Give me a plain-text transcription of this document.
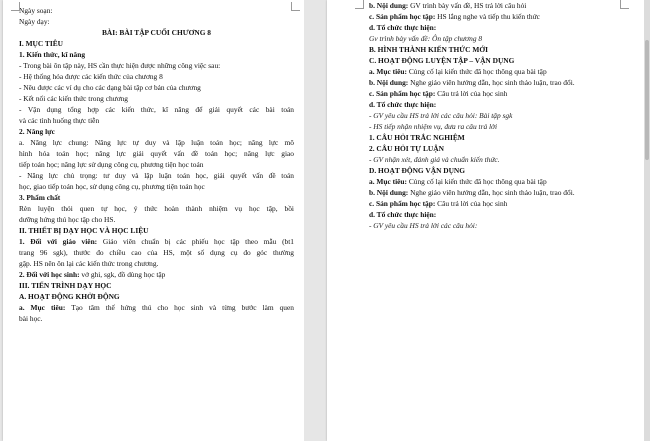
Ngày soạn:
Ngày dạy:
BÀI: BÀI TẬP CUỐI CHƯƠNG 8
I. MỤC TIÊU
1. Kiến thức, kĩ năng
- Trong bài ôn tập này, HS cần thực hiện được những công việc sau:
- Hệ thống hóa được các kiến thức của chương 8
- Nêu được các ví dụ cho các dạng bài tập cơ bản của chương
- Kết nối các kiến thức trong chương
- Vận dụng tổng hợp các kiến thức, kĩ năng để giải quyết các bài toán
và các tình huống thực tiễn
2. Năng lực
a. Năng lực chung: Năng lực tự duy và lập luận toán học; năng lực mô
hình hóa toán học; năng lực giải quyết vấn đề toán học; năng lực giao
tiếp toán học; năng lực sử dụng công cụ, phương tiện học toán
- Năng lực chủ trọng: tư duy và lập luận toán học, giải quyết vấn đề toán
học, giao tiếp toán học, sử dụng công cụ, phương tiện toán học
3. Phẩm chất
Rèn luyện thói quen tự học, ý thức hoàn thành nhiệm vụ học tập, bồi
dưỡng hứng thú học tập cho HS.
II. THIẾT BỊ DẠY HỌC VÀ HỌC LIỆU
1. Đối với giáo viên: Giáo viên chuẩn bị các phiếu học tập theo mẫu (bt1
trang 96 sgk), thước đo chiều cao của HS, một số dụng cụ đo góc thường
gặp. HS nên ôn lại các kiến thức trong chương.
2. Đối với học sinh: vở ghi, sgk, đồ dùng học tập
III. TIẾN TRÌNH DẠY HỌC
A. HOẠT ĐỘNG KHỞI ĐỘNG
a. Mục tiêu: Tạo tâm thế hứng thú cho học sinh và từng bước làm quen
bài học.
b. Nội dung: GV trình bày vấn đề, HS trả lời câu hỏi
c. Sản phẩm học tập: HS lắng nghe và tiếp thu kiến thức
d. Tổ chức thực hiện:
Gv trình bày vấn đề: Ôn tập chương 8
B. HÌNH THÀNH KIẾN THỨC MỚI
C. HOẠT ĐỘNG LUYỆN TẬP – VẬN DỤNG
a. Mục tiêu: Củng cố lại kiến thức đã học thông qua bài tập
b. Nội dung: Nghe giáo viên hướng dẫn, học sinh thảo luận, trao đổi.
c. Sản phẩm học tập: Câu trả lời của học sinh
d. Tổ chức thực hiện:
- GV yêu cầu HS trả lời các câu hỏi: Bài tập sgk
- HS tiếp nhận nhiệm vụ, đưa ra câu trả lời
1. CÂU HỎI TRẮC NGHIỆM
2. CÂU HỎI TỰ LUẬN
- GV nhận xét, đánh giá và chuẩn kiến thức.
D. HOẠT ĐỘNG VẬN DỤNG
a. Mục tiêu: Củng cố lại kiến thức đã học thông qua bài tập
b. Nội dung: Nghe giáo viên hướng dẫn, học sinh thảo luận, trao đổi.
c. Sản phẩm học tập: Câu trả lời của học sinh
d. Tổ chức thực hiện:
- GV yêu cầu HS trả lời các câu hỏi:
